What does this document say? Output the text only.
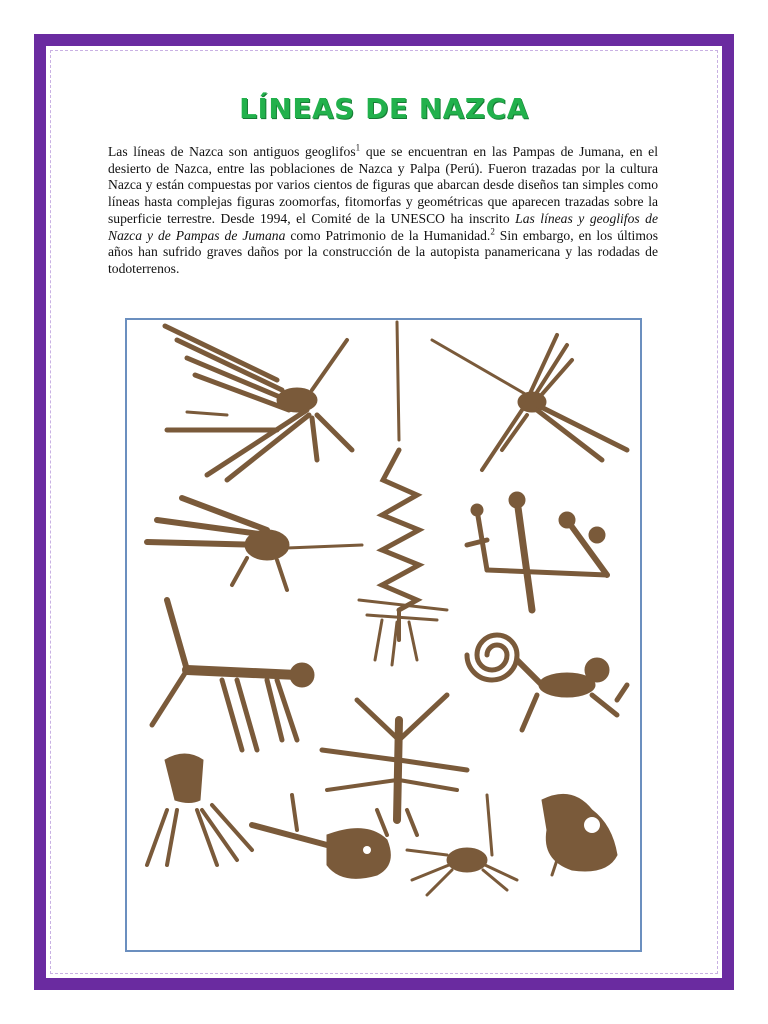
LÍNEAS DE NAZCA
Las líneas de Nazca son antiguos geoglifos$^1$ que se encuentran en las Pampas de Jumana, en el desierto de Nazca, entre las poblaciones de Nazca y Palpa (Perú). Fueron trazadas por la cultura Nazca y están compuestas por varios cientos de figuras que abarcan desde diseños tan simples como líneas hasta complejas figuras zoomorfas, fitomorfas y geométricas que aparecen trazadas sobre la superficie terrestre. Desde 1994, el Comité de la UNESCO ha inscrito Las líneas y geoglifos de Nazca y de Pampas de Jumana como Patrimonio de la Humanidad.$^2$ Sin embargo, en los últimos años han sufrido graves daños por la construcción de la autopista panamericana y las rodadas de todoterrenos.
